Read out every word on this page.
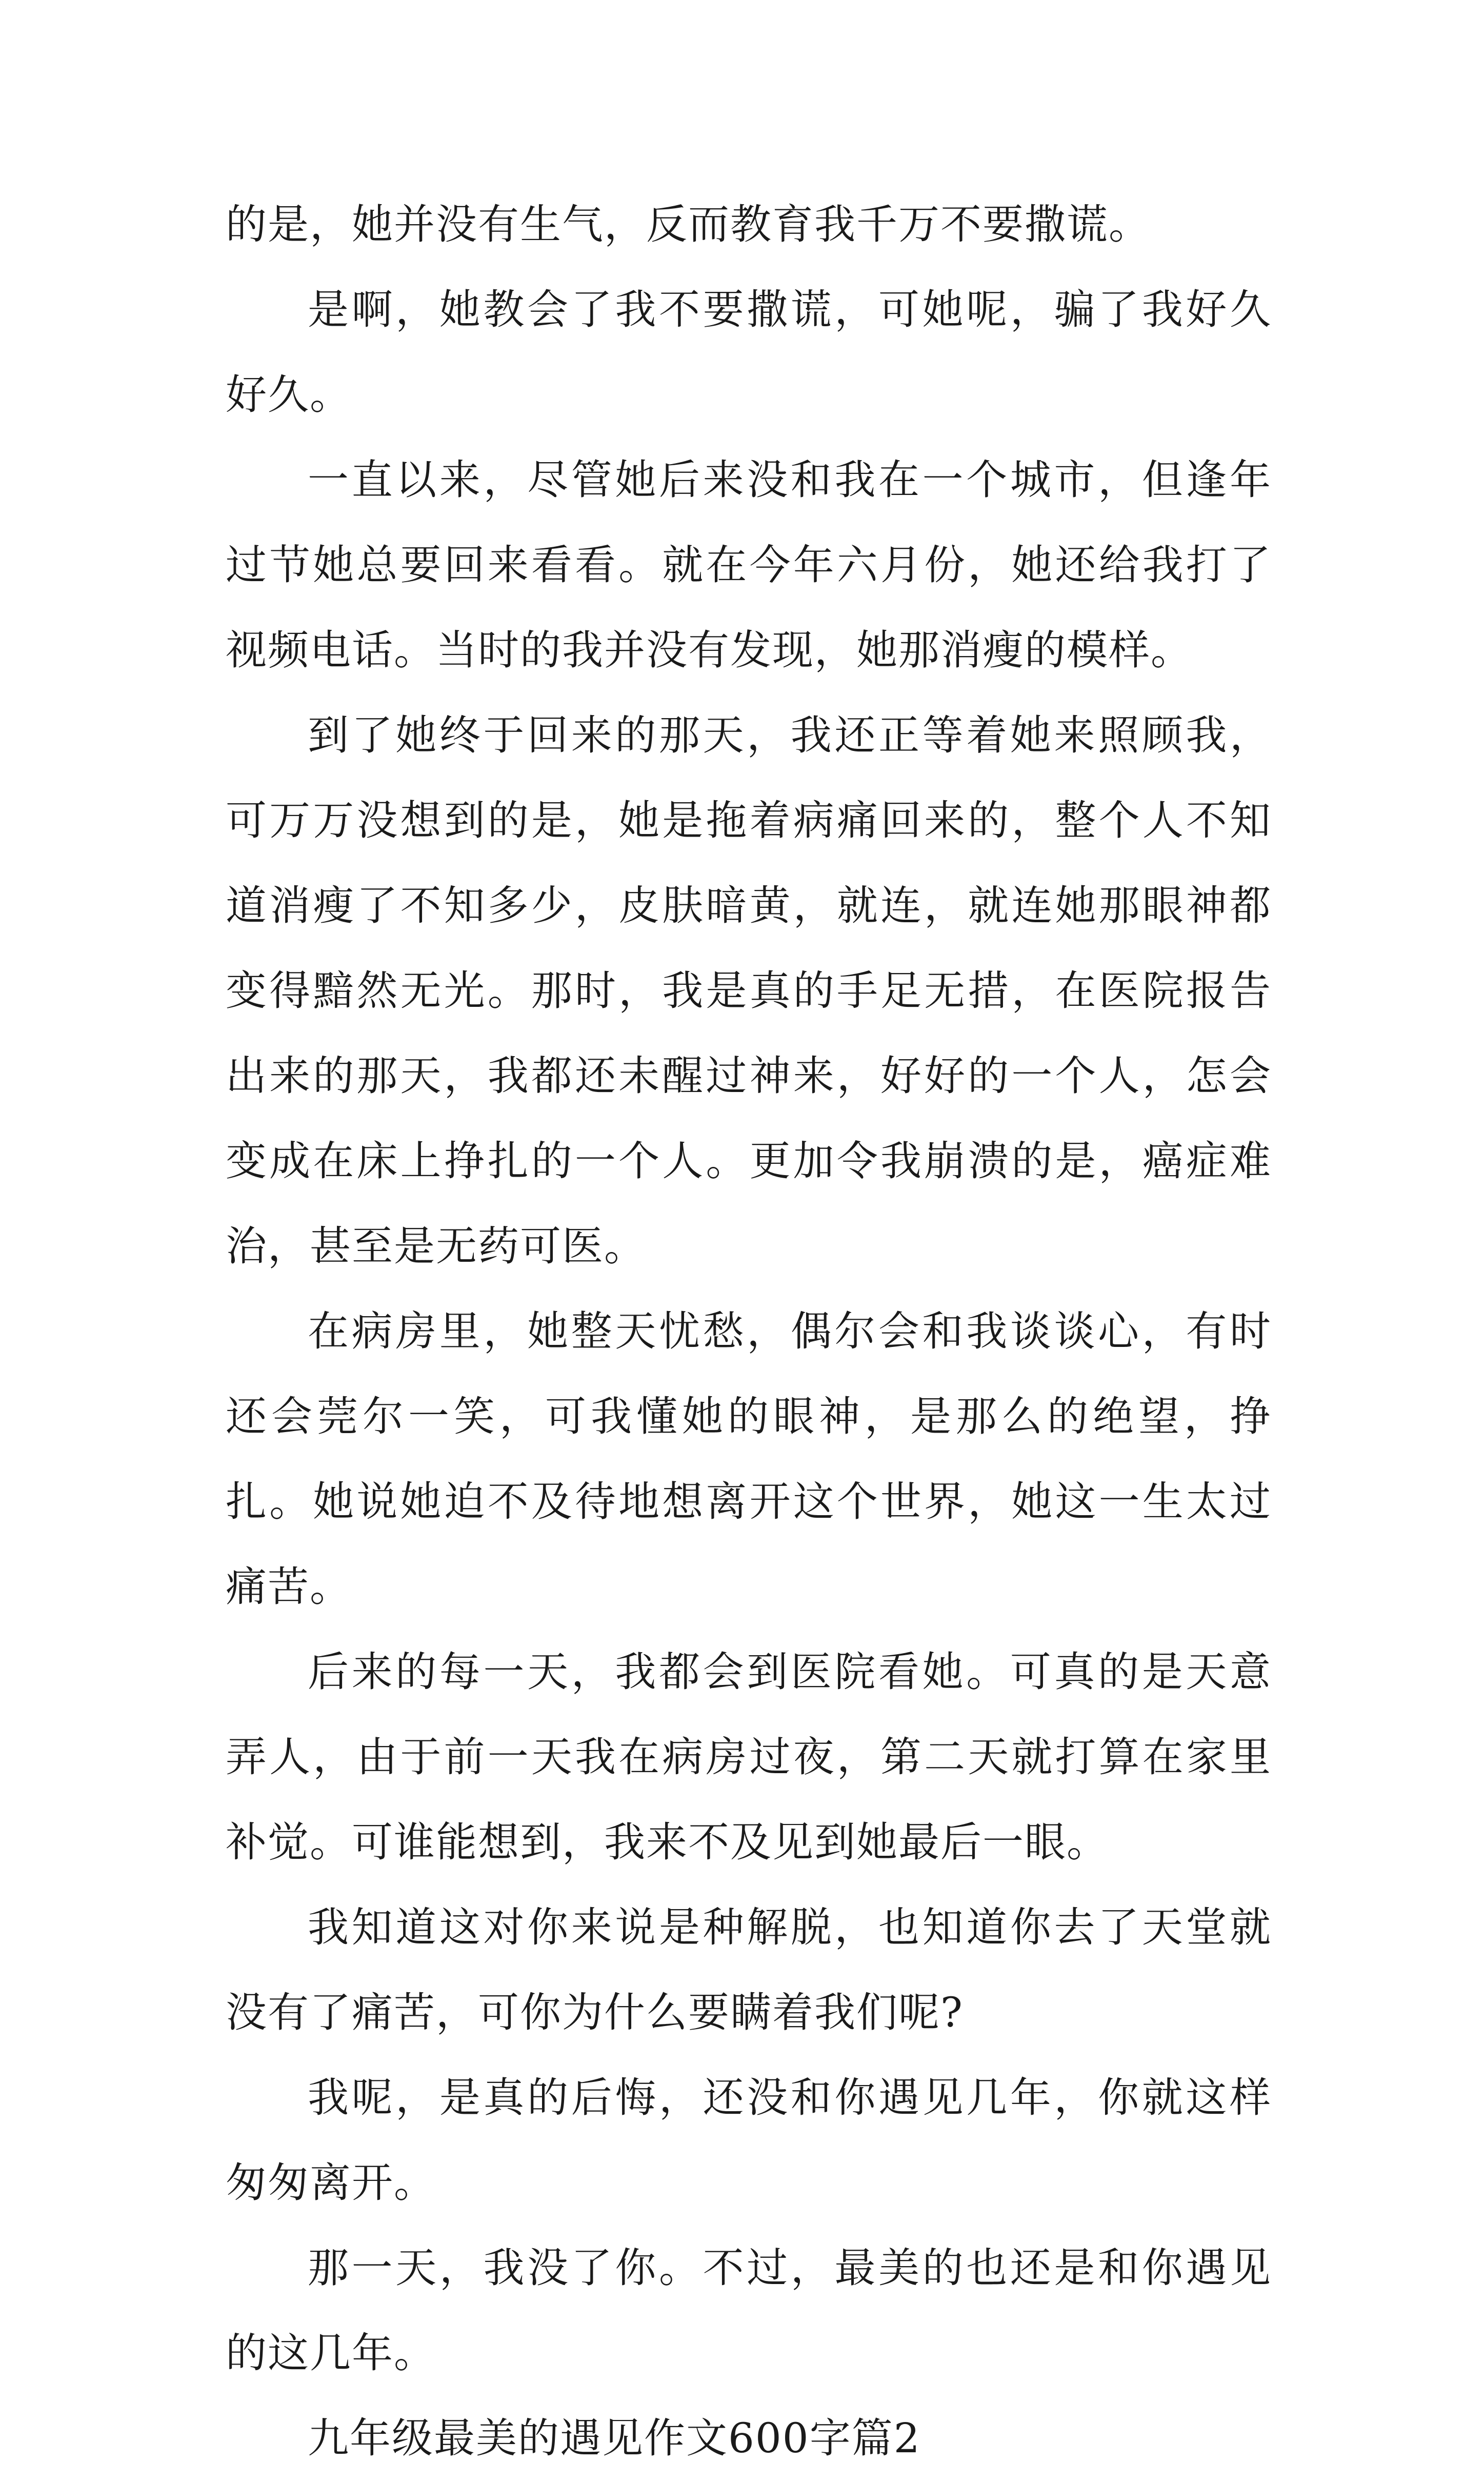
的是，她并没有生气，反而教育我千万不要撒谎。

是啊，她教会了我不要撒谎，可她呢，骗了我好久好久。

一直以来，尽管她后来没和我在一个城市，但逢年过节她总要回来看看。就在今年六月份，她还给我打了视频电话。当时的我并没有发现，她那消瘦的模样。

到了她终于回来的那天，我还正等着她来照顾我，可万万没想到的是，她是拖着病痛回来的，整个人不知道消瘦了不知多少，皮肤暗黄，就连，就连她那眼神都变得黯然无光。那时，我是真的手足无措，在医院报告出来的那天，我都还未醒过神来，好好的一个人，怎会变成在床上挣扎的一个人。更加令我崩溃的是，癌症难治，甚至是无药可医。

在病房里，她整天忧愁，偶尔会和我谈谈心，有时还会莞尔一笑，可我懂她的眼神，是那么的绝望，挣扎。她说她迫不及待地想离开这个世界，她这一生太过痛苦。

后来的每一天，我都会到医院看她。可真的是天意弄人，由于前一天我在病房过夜，第二天就打算在家里补觉。可谁能想到，我来不及见到她最后一眼。

我知道这对你来说是种解脱，也知道你去了天堂就没有了痛苦，可你为什么要瞒着我们呢?

我呢，是真的后悔，还没和你遇见几年，你就这样匆匆离开。

那一天，我没了你。不过，最美的也还是和你遇见的这几年。

九年级最美的遇见作文600字篇2
